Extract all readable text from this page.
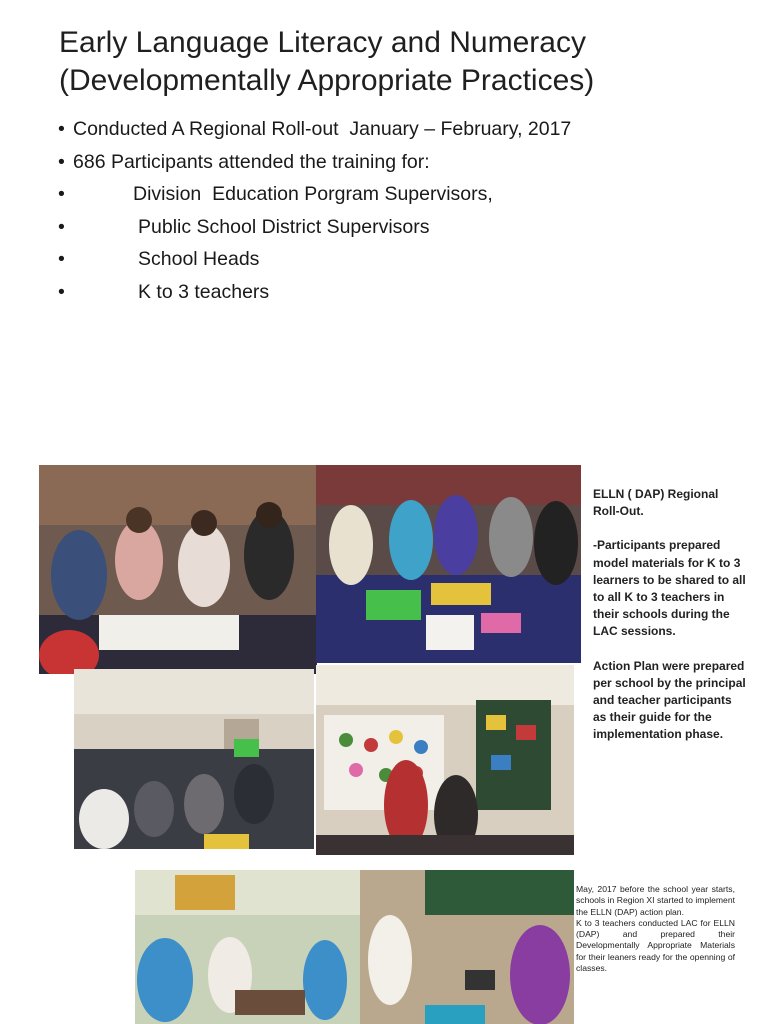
Early Language Literacy and Numeracy (Developmentally Appropriate Practices)
• Conducted A Regional Roll-out  January – February, 2017
• 686 Participants attended the training for:
•	Division  Education Porgram Supervisors,
•	Public School District Supervisors
•	School Heads
•	K to 3 teachers

ELLN ( DAP) Regional Roll-Out.

-Participants prepared model materials for K to 3 learners to be shared to all to all K to 3 teachers in their schools during the LAC sessions.

Action Plan were prepared per school by the principal and teacher participants as their guide for the implementation phase.

May, 2017 before the school year starts, schools in Region XI started to implement the ELLN (DAP) action plan.

K to 3 teachers conducted LAC for ELLN (DAP) and prepared their Developmentally Appropriate Materials for their leaners ready for the openning of classes.
